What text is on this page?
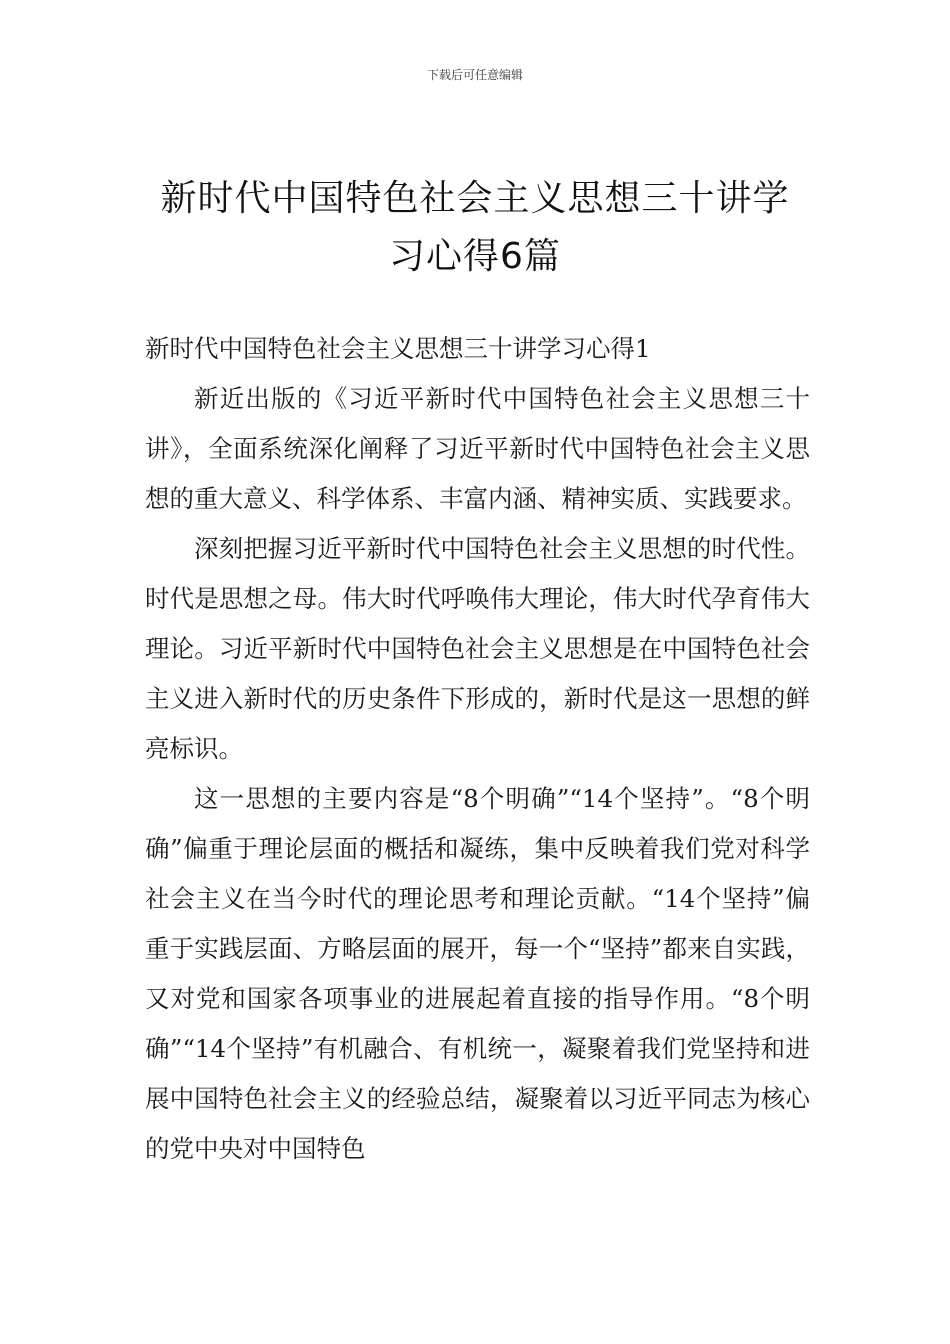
下载后可任意编辑
新时代中国特色社会主义思想三十讲学习心得6篇

新时代中国特色社会主义思想三十讲学习心得1

新近出版的《习近平新时代中国特色社会主义思想三十讲》，全面系统深化阐释了习近平新时代中国特色社会主义思想的重大意义、科学体系、丰富内涵、精神实质、实践要求。

深刻把握习近平新时代中国特色社会主义思想的时代性。时代是思想之母。伟大时代呼唤伟大理论，伟大时代孕育伟大理论。习近平新时代中国特色社会主义思想是在中国特色社会主义进入新时代的历史条件下形成的，新时代是这一思想的鲜亮标识。

这一思想的主要内容是“8个明确”“14个坚持”。“8个明确”偏重于理论层面的概括和凝练，集中反映着我们党对科学社会主义在当今时代的理论思考和理论贡献。“14个坚持”偏重于实践层面、方略层面的展开，每一个“坚持”都来自实践，又对党和国家各项事业的进展起着直接的指导作用。“8个明确”“14个坚持”有机融合、有机统一，凝聚着我们党坚持和进展中国特色社会主义的经验总结，凝聚着以习近平同志为核心的党中央对中国特色
